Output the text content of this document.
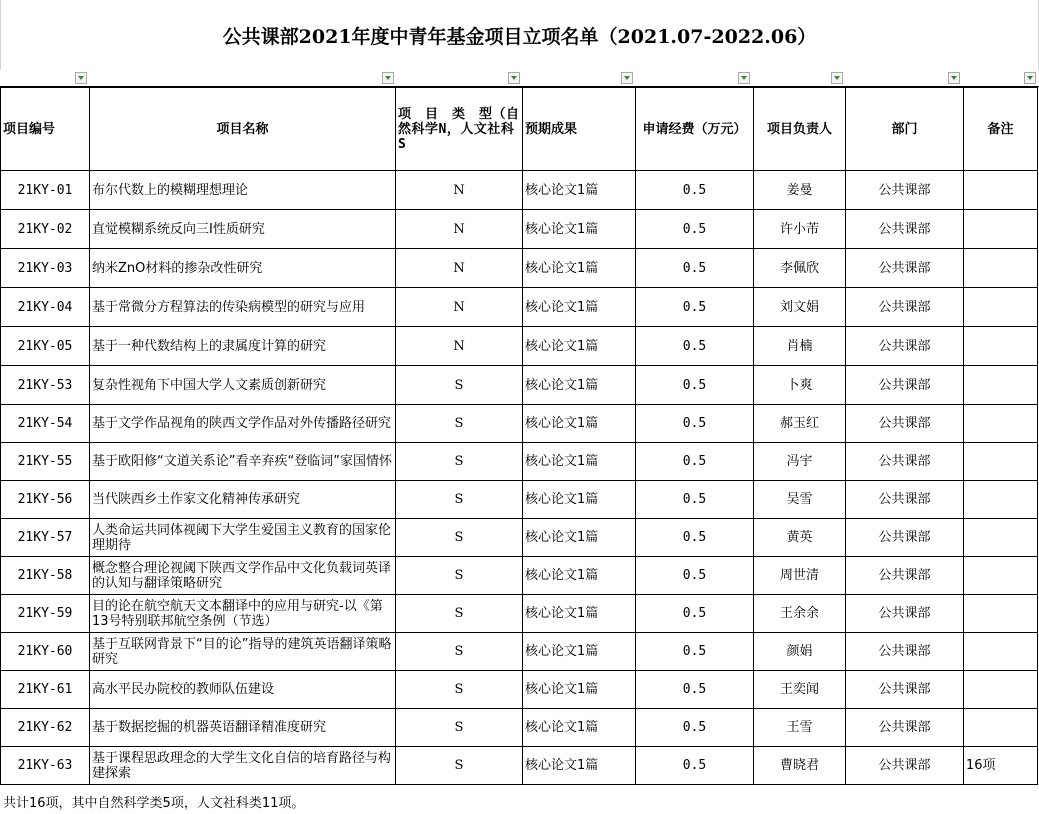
公共课部2021年度中青年基金项目立项名单（2021.07-2022.06）
项目编号	项目名称	项　目　类　型（自然科学N，人文社科S	预期成果	申请经费（万元）	项目负责人	部门	备注
21KY-01	布尔代数上的模糊理想理论	N	核心论文1篇	0.5	姜曼	公共课部	
21KY-02	直觉模糊系统反向三I性质研究	N	核心论文1篇	0.5	许小芾	公共课部	
21KY-03	纳米ZnO材料的掺杂改性研究	N	核心论文1篇	0.5	李佩欣	公共课部	
21KY-04	基于常微分方程算法的传染病模型的研究与应用	N	核心论文1篇	0.5	刘文娟	公共课部	
21KY-05	基于一种代数结构上的隶属度计算的研究	N	核心论文1篇	0.5	肖楠	公共课部	
21KY-53	复杂性视角下中国大学人文素质创新研究	S	核心论文1篇	0.5	卜爽	公共课部	
21KY-54	基于文学作品视角的陕西文学作品对外传播路径研究	S	核心论文1篇	0.5	郝玉红	公共课部	
21KY-55	基于欧阳修“文道关系论”看辛弃疾“登临词”家国情怀	S	核心论文1篇	0.5	冯宇	公共课部	
21KY-56	当代陕西乡土作家文化精神传承研究	S	核心论文1篇	0.5	吴雪	公共课部	
21KY-57	人类命运共同体视阈下大学生爱国主义教育的国家伦理期待	S	核心论文1篇	0.5	黄英	公共课部	
21KY-58	概念整合理论视阈下陕西文学作品中文化负载词英译的认知与翻译策略研究	S	核心论文1篇	0.5	周世清	公共课部	
21KY-59	目的论在航空航天文本翻译中的应用与研究-以《第13号特别联邦航空条例（节选）	S	核心论文1篇	0.5	王余余	公共课部	
21KY-60	基于互联网背景下“目的论”指导的建筑英语翻译策略研究	S	核心论文1篇	0.5	颜娟	公共课部	
21KY-61	高水平民办院校的教师队伍建设	S	核心论文1篇	0.5	王奕闻	公共课部	
21KY-62	基于数据挖掘的机器英语翻译精准度研究	S	核心论文1篇	0.5	王雪	公共课部	
21KY-63	基于课程思政理念的大学生文化自信的培育路径与构建探索	S	核心论文1篇	0.5	曹晓君	公共课部	16项
共计16项，其中自然科学类5项，人文社科类11项。
